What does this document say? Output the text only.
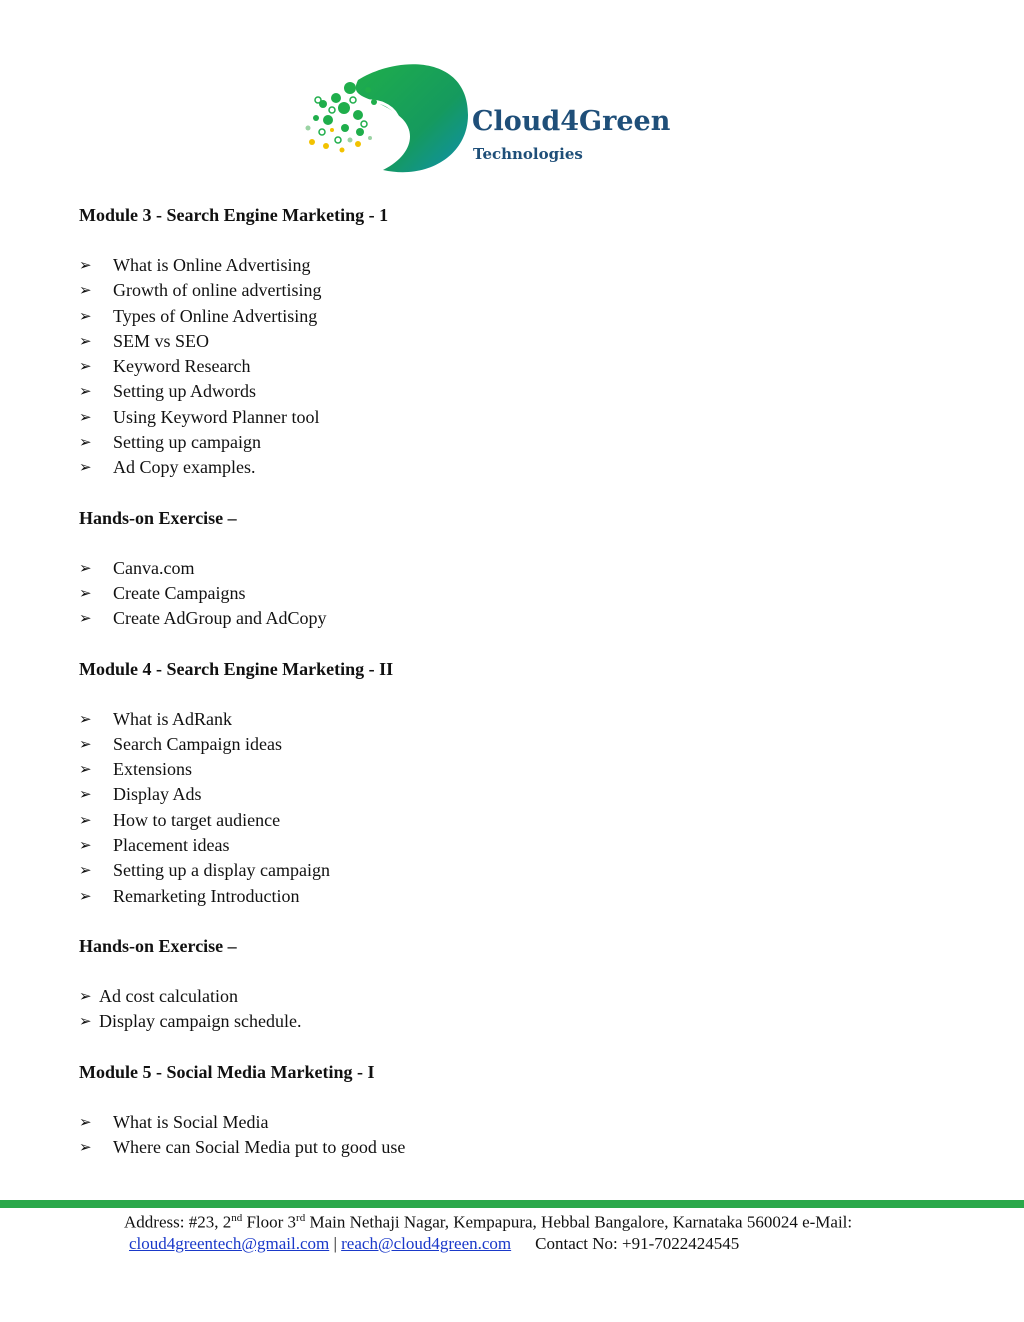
Cloud4Green
Technologies

Module 3 - Search Engine Marketing - 1

➢ What is Online Advertising
➢ Growth of online advertising
➢ Types of Online Advertising
➢ SEM vs SEO
➢ Keyword Research
➢ Setting up Adwords
➢ Using Keyword Planner tool
➢ Setting up campaign
➢ Ad Copy examples.

Hands-on Exercise –

➢ Canva.com
➢ Create Campaigns
➢ Create AdGroup and AdCopy

Module 4 - Search Engine Marketing - II

➢ What is AdRank
➢ Search Campaign ideas
➢ Extensions
➢ Display Ads
➢ How to target audience
➢ Placement ideas
➢ Setting up a display campaign
➢ Remarketing Introduction

Hands-on Exercise –

➢ Ad cost calculation
➢ Display campaign schedule.

Module 5 - Social Media Marketing - I

➢ What is Social Media
➢ Where can Social Media put to good use
Address: #23, 2nd Floor 3rd Main Nethaji Nagar, Kempapura, Hebbal Bangalore, Karnataka 560024 e-Mail:
cloud4greentech@gmail.com | reach@cloud4green.com Contact No: +91-7022424545
